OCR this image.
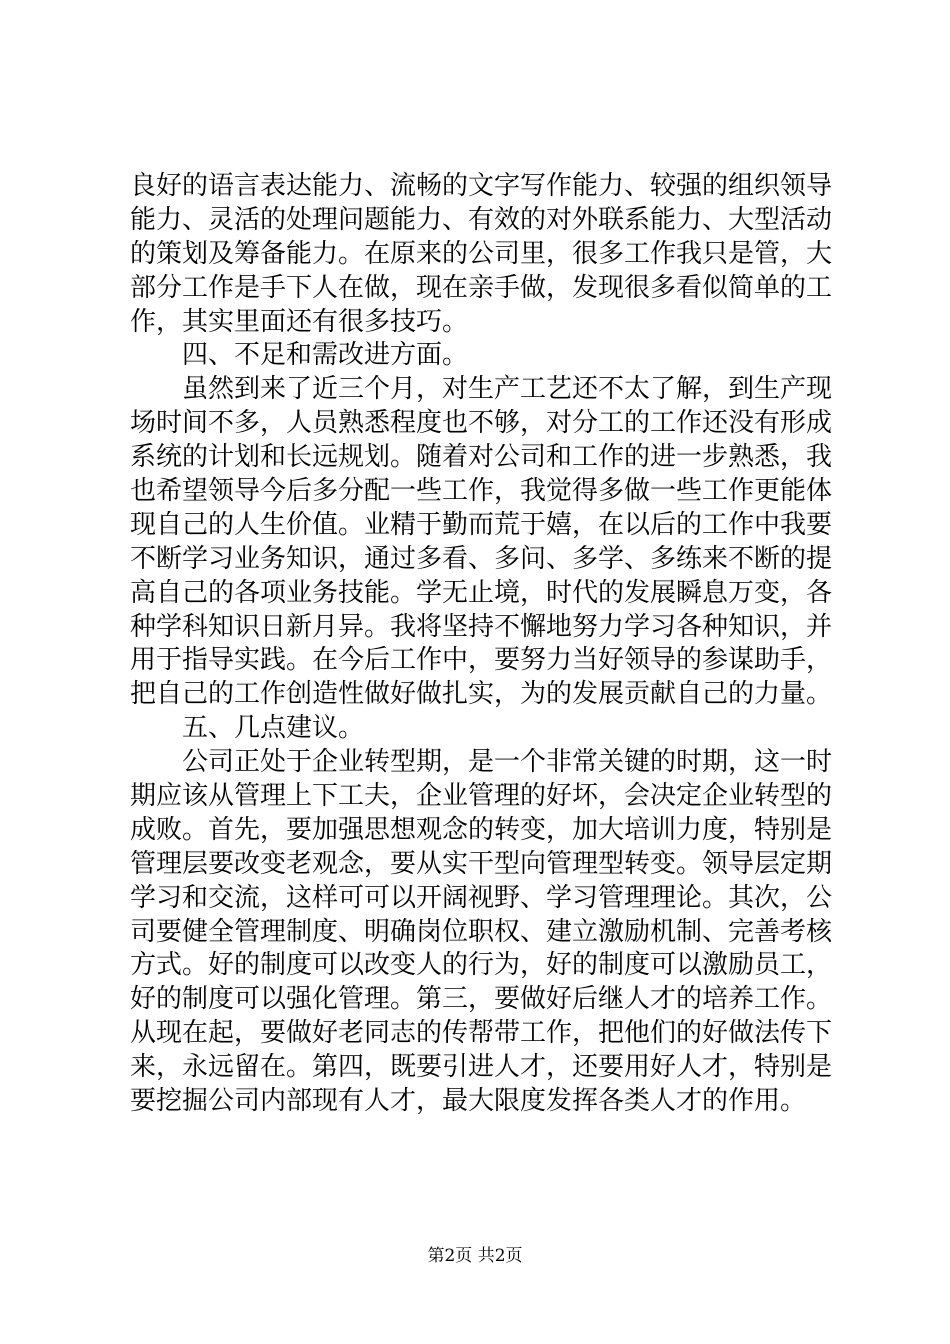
良好的语言表达能力、流畅的文字写作能力、较强的组织领导
能力、灵活的处理问题能力、有效的对外联系能力、大型活动
的策划及筹备能力。在原来的公司里，很多工作我只是管，大
部分工作是手下人在做，现在亲手做，发现很多看似简单的工
作，其实里面还有很多技巧。
四、不足和需改进方面。
虽然到来了近三个月，对生产工艺还不太了解，到生产现
场时间不多，人员熟悉程度也不够，对分工的工作还没有形成
系统的计划和长远规划。随着对公司和工作的进一步熟悉，我
也希望领导今后多分配一些工作，我觉得多做一些工作更能体
现自己的人生价值。业精于勤而荒于嬉，在以后的工作中我要
不断学习业务知识，通过多看、多问、多学、多练来不断的提
高自己的各项业务技能。学无止境，时代的发展瞬息万变，各
种学科知识日新月异。我将坚持不懈地努力学习各种知识，并
用于指导实践。在今后工作中，要努力当好领导的参谋助手，
把自己的工作创造性做好做扎实，为的发展贡献自己的力量。
五、几点建议。
公司正处于企业转型期，是一个非常关键的时期，这一时
期应该从管理上下工夫，企业管理的好坏，会决定企业转型的
成败。首先，要加强思想观念的转变，加大培训力度，特别是
管理层要改变老观念，要从实干型向管理型转变。领导层定期
学习和交流，这样可可以开阔视野、学习管理理论。其次，公
司要健全管理制度、明确岗位职权、建立激励机制、完善考核
方式。好的制度可以改变人的行为，好的制度可以激励员工，
好的制度可以强化管理。第三，要做好后继人才的培养工作。
从现在起，要做好老同志的传帮带工作，把他们的好做法传下
来，永远留在。第四，既要引进人才，还要用好人才，特别是
要挖掘公司内部现有人才，最大限度发挥各类人才的作用。
第2页 共2页
